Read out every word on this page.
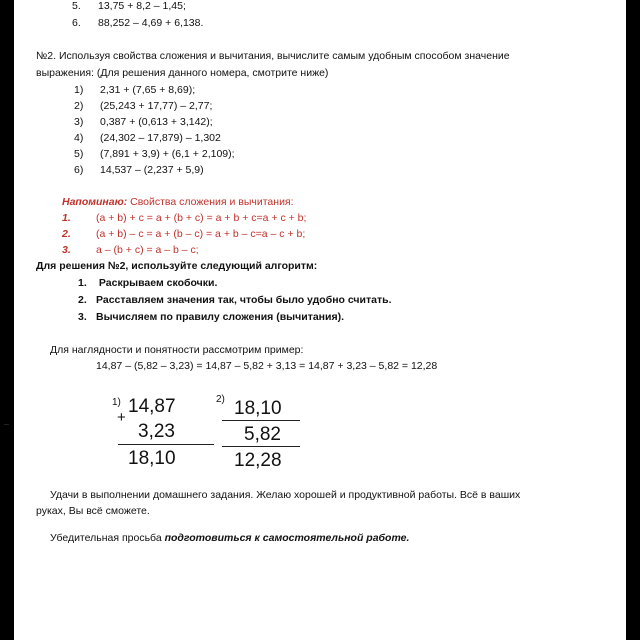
5. 13,75 + 8,2 – 1,45;
6. 88,252 – 4,69 + 6,138.
№2. Используя свойства сложения и вычитания, вычислите самым удобным способом значение
выражения: (Для решения данного номера, смотрите ниже)
1) 2,31 + (7,65 + 8,69);
2) (25,243 + 17,77) – 2,77;
3) 0,387 + (0,613 + 3,142);
4) (24,302 – 17,879) – 1,302
5) (7,891 + 3,9) + (6,1 + 2,109);
6) 14,537 – (2,237 + 5,9)
Напоминаю: Свойства сложения и вычитания:
1. (a + b) + c = a + (b + c) = a + b + c=a + c + b;
2. (a + b) – c = a + (b – c) = a + b – c=a – c + b;
3. a – (b + c) = a – b – c;
Для решения №2, используйте следующий алгоритм:
1. Раскрываем скобочки.
2. Расставляем значения так, чтобы было удобно считать.
3. Вычисляем по правилу сложения (вычитания).
Для наглядности и понятности рассмотрим пример:
14,87 – (5,82 – 3,23) = 14,87 – 5,82 + 3,13 = 14,87 + 3,23 – 5,82 = 12,28
1) 14,87
+
3,23
18,10
2) 18,10
5,82
12,28
Удачи в выполнении домашнего задания. Желаю хорошей и продуктивной работы. Всё в ваших
руках, Вы всё сможете.
Убедительная просьба подготовиться к самостоятельной работе.
